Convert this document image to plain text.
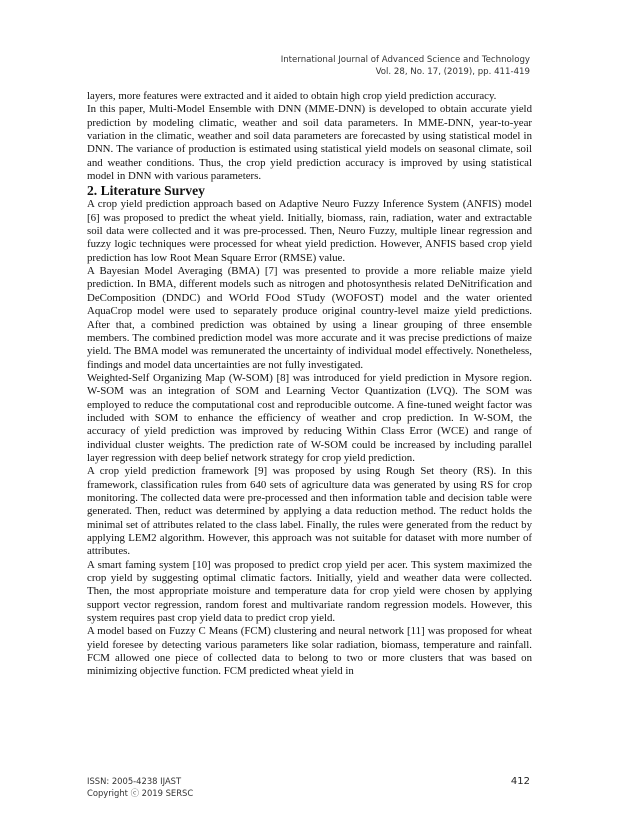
International Journal of Advanced Science and Technology
Vol. 28, No. 17, (2019), pp. 411-419

layers, more features were extracted and it aided to obtain high crop yield prediction accuracy.

In this paper, Multi-Model Ensemble with DNN (MME-DNN) is developed to obtain accurate yield prediction by modeling climatic, weather and soil data parameters. In MME-DNN, year-to-year variation in the climatic, weather and soil data parameters are forecasted by using statistical model in DNN. The variance of production is estimated using statistical yield models on seasonal climate, soil and weather conditions. Thus, the crop yield prediction accuracy is improved by using statistical model in DNN with various parameters.

2. Literature Survey

A crop yield prediction approach based on Adaptive Neuro Fuzzy Inference System (ANFIS) model [6] was proposed to predict the wheat yield. Initially, biomass, rain, radiation, water and extractable soil data were collected and it was pre-processed. Then, Neuro Fuzzy, multiple linear regression and fuzzy logic techniques were processed for wheat yield prediction. However, ANFIS based crop yield prediction has low Root Mean Square Error (RMSE) value.

A Bayesian Model Averaging (BMA) [7] was presented to provide a more reliable maize yield prediction. In BMA, different models such as nitrogen and photosynthesis related DeNitrification and DeComposition (DNDC) and WOrld FOod STudy (WOFOST) model and the water oriented AquaCrop model were used to separately produce original country-level maize yield predictions. After that, a combined prediction was obtained by using a linear grouping of three ensemble members. The combined prediction model was more accurate and it was precise predictions of maize yield. The BMA model was remunerated the uncertainty of individual model effectively. Nonetheless, findings and model data uncertainties are not fully investigated.

Weighted-Self Organizing Map (W-SOM) [8] was introduced for yield prediction in Mysore region. W-SOM was an integration of SOM and Learning Vector Quantization (LVQ). The SOM was employed to reduce the computational cost and reproducible outcome. A fine-tuned weight factor was included with SOM to enhance the efficiency of weather and crop prediction. In W-SOM, the accuracy of yield prediction was improved by reducing Within Class Error (WCE) and range of individual cluster weights. The prediction rate of W-SOM could be increased by including parallel layer regression with deep belief network strategy for crop yield prediction.

A crop yield prediction framework [9] was proposed by using Rough Set theory (RS). In this framework, classification rules from 640 sets of agriculture data was generated by using RS for crop monitoring. The collected data were pre-processed and then information table and decision table were generated. Then, reduct was determined by applying a data reduction method. The reduct holds the minimal set of attributes related to the class label. Finally, the rules were generated from the reduct by applying LEM2 algorithm. However, this approach was not suitable for dataset with more number of attributes.

A smart faming system [10] was proposed to predict crop yield per acer. This system maximized the crop yield by suggesting optimal climatic factors. Initially, yield and weather data were collected. Then, the most appropriate moisture and temperature data for crop yield were chosen by applying support vector regression, random forest and multivariate random regression models. However, this system requires past crop yield data to predict crop yield.

A model based on Fuzzy C Means (FCM) clustering and neural network [11] was proposed for wheat yield foresee by detecting various parameters like solar radiation, biomass, temperature and rainfall. FCM allowed one piece of collected data to belong to two or more clusters that was based on minimizing objective function. FCM predicted wheat yield in

ISSN: 2005-4238 IJAST
Copyright ⓒ 2019 SERSC
412
